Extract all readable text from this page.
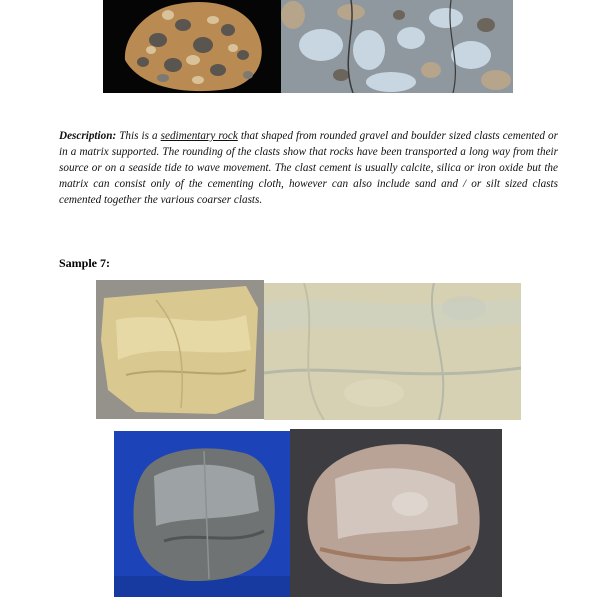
Description: This is a sedimentary rock that shaped from rounded gravel and boulder sized clasts cemented or in a matrix supported. The rounding of the clasts show that rocks have been transported a long way from their source or on a seaside tide to wave movement. The clast cement is usually calcite, silica or iron oxide but the matrix can consist only of the cementing cloth, however can also include sand and / or silt sized clasts cemented together the various coarser clasts.

Sample 7:
